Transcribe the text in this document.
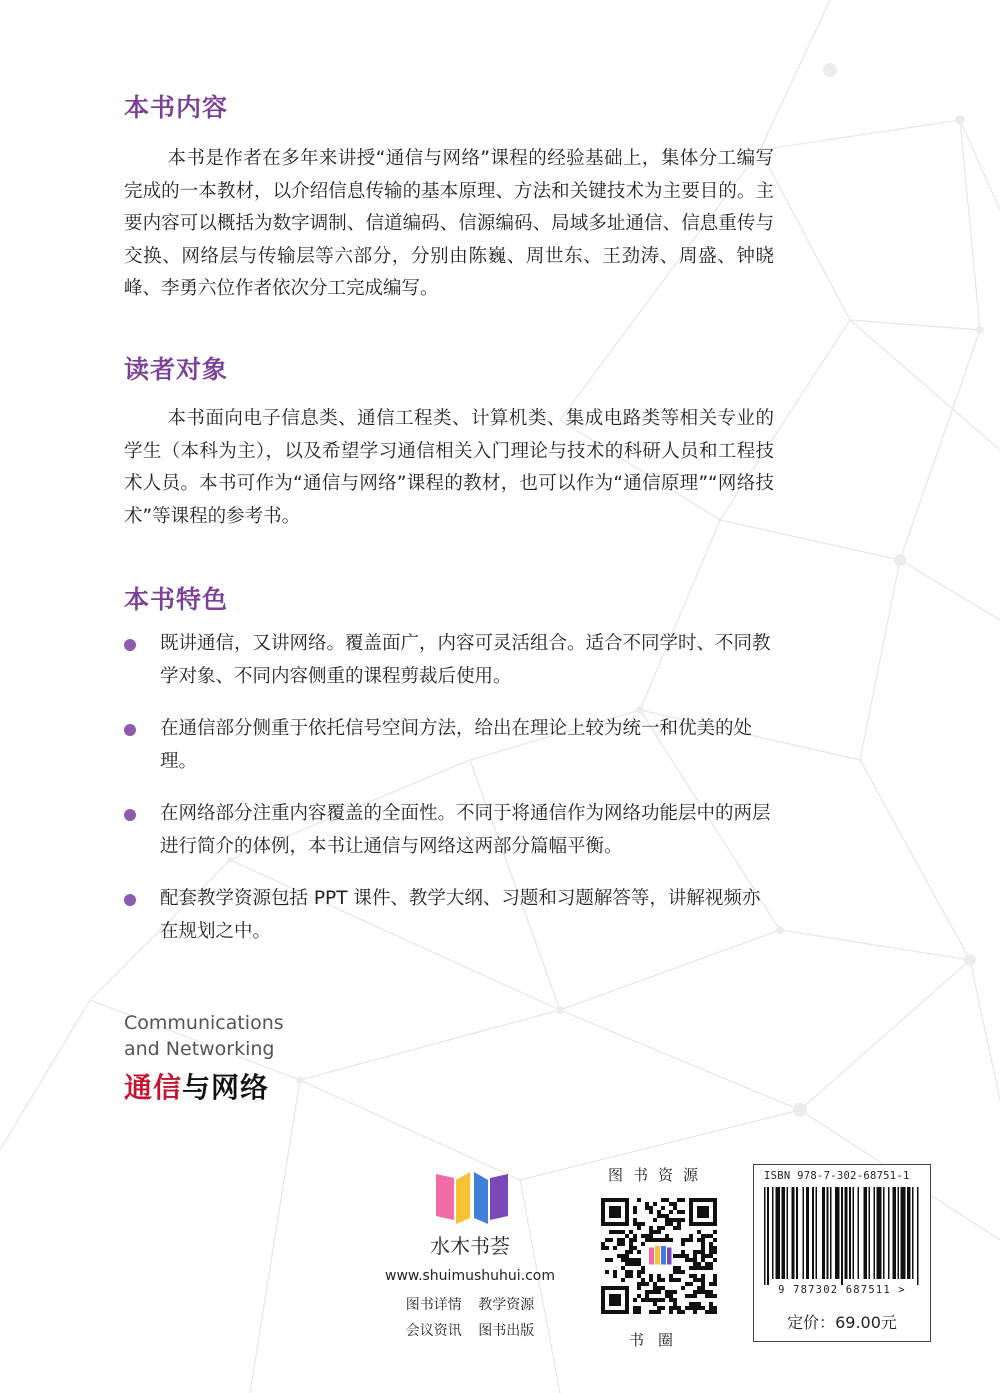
本书内容

本书是作者在多年来讲授“通信与网络”课程的经验基础上，集体分工编写完成的一本教材，以介绍信息传输的基本原理、方法和关键技术为主要目的。主要内容可以概括为数字调制、信道编码、信源编码、局域多址通信、信息重传与交换、网络层与传输层等六部分，分别由陈巍、周世东、王劲涛、周盛、钟晓峰、李勇六位作者依次分工完成编写。

读者对象

本书面向电子信息类、通信工程类、计算机类、集成电路类等相关专业的学生（本科为主），以及希望学习通信相关入门理论与技术的科研人员和工程技术人员。本书可作为“通信与网络”课程的教材，也可以作为“通信原理”“网络技术”等课程的参考书。

本书特色
既讲通信，又讲网络。覆盖面广，内容可灵活组合。适合不同学时、不同教学对象、不同内容侧重的课程剪裁后使用。
在通信部分侧重于依托信号空间方法，给出在理论上较为统一和优美的处理。
在网络部分注重内容覆盖的全面性。不同于将通信作为网络功能层中的两层进行简介的体例，本书让通信与网络这两部分篇幅平衡。
配套教学资源包括 PPT 课件、教学大纲、习题和习题解答等，讲解视频亦在规划之中。
Communications
and Networking
通信与网络
水木书荟
www.shuimushuhui.com
图书详情 教学资源
会议资讯 图书出版
图书资源
书圈
ISBN 978-7-302-68751-1
9 787302 687511 >
定价：69.00元
